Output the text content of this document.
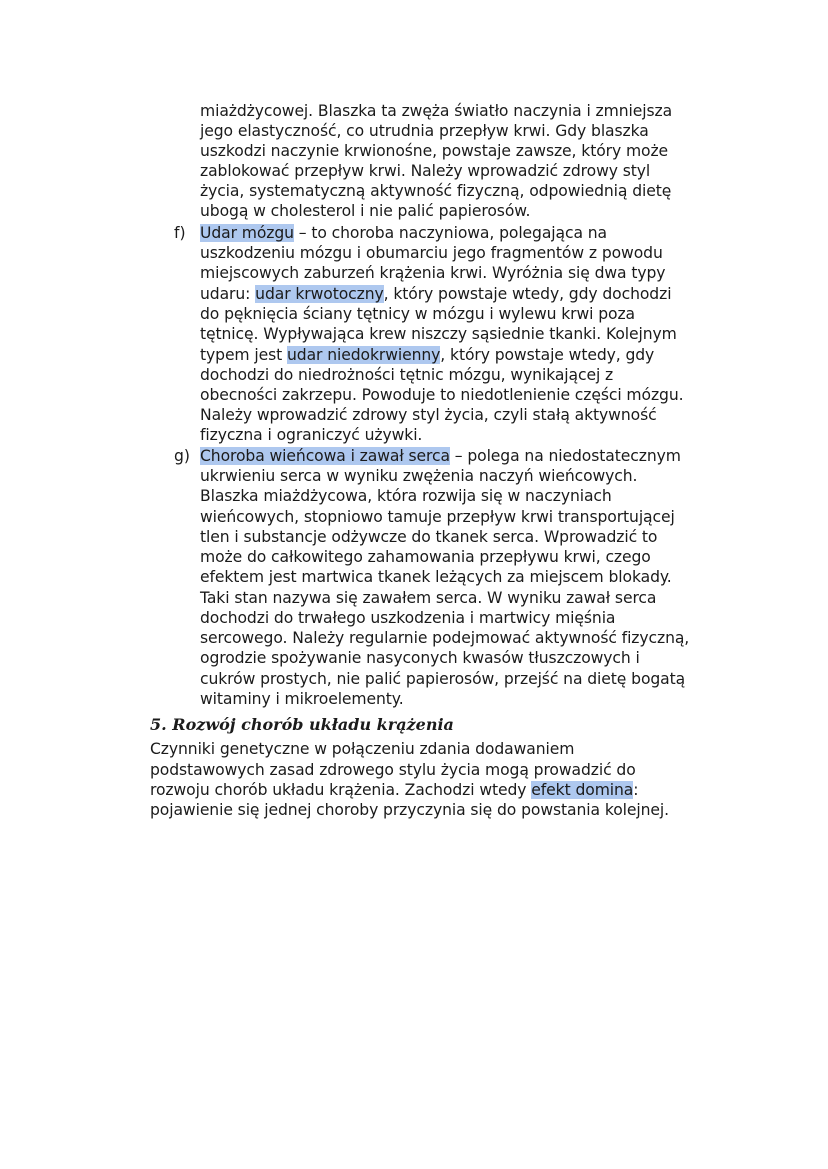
miażdżycowej. Blaszka ta zwęża światło naczynia i zmniejsza
jego elastyczność, co utrudnia przepływ krwi. Gdy blaszka
uszkodzi naczynie krwionośne, powstaje zawsze, który może
zablokować przepływ krwi. Należy wprowadzić zdrowy styl
życia, systematyczną aktywność fizyczną, odpowiednią dietę
ubogą w cholesterol i nie palić papierosów.
f) Udar mózgu – to choroba naczyniowa, polegająca na
uszkodzeniu mózgu i obumarciu jego fragmentów z powodu
miejscowych zaburzeń krążenia krwi. Wyróżnia się dwa typy
udaru: udar krwotoczny, który powstaje wtedy, gdy dochodzi
do pęknięcia ściany tętnicy w mózgu i wylewu krwi poza
tętnicę. Wypływająca krew niszczy sąsiednie tkanki. Kolejnym
typem jest udar niedokrwienny, który powstaje wtedy, gdy
dochodzi do niedrożności tętnic mózgu, wynikającej z
obecności zakrzepu. Powoduje to niedotlenienie części mózgu.
Należy wprowadzić zdrowy styl życia, czyli stałą aktywność
fizyczna i ograniczyć używki.
g) Choroba wieńcowa i zawał serca – polega na niedostatecznym
ukrwieniu serca w wyniku zwężenia naczyń wieńcowych.
Blaszka miażdżycowa, która rozwija się w naczyniach
wieńcowych, stopniowo tamuje przepływ krwi transportującej
tlen i substancje odżywcze do tkanek serca. Wprowadzić to
może do całkowitego zahamowania przepływu krwi, czego
efektem jest martwica tkanek leżących za miejscem blokady.
Taki stan nazywa się zawałem serca. W wyniku zawał serca
dochodzi do trwałego uszkodzenia i martwicy mięśnia
sercowego. Należy regularnie podejmować aktywność fizyczną,
ogrodzie spożywanie nasyconych kwasów tłuszczowych i
cukrów prostych, nie palić papierosów, przejść na dietę bogatą
witaminy i mikroelementy.
5. Rozwój chorób układu krążenia
Czynniki genetyczne w połączeniu zdania dodawaniem
podstawowych zasad zdrowego stylu życia mogą prowadzić do
rozwoju chorób układu krążenia. Zachodzi wtedy efekt domina:
pojawienie się jednej choroby przyczynia się do powstania kolejnej.
